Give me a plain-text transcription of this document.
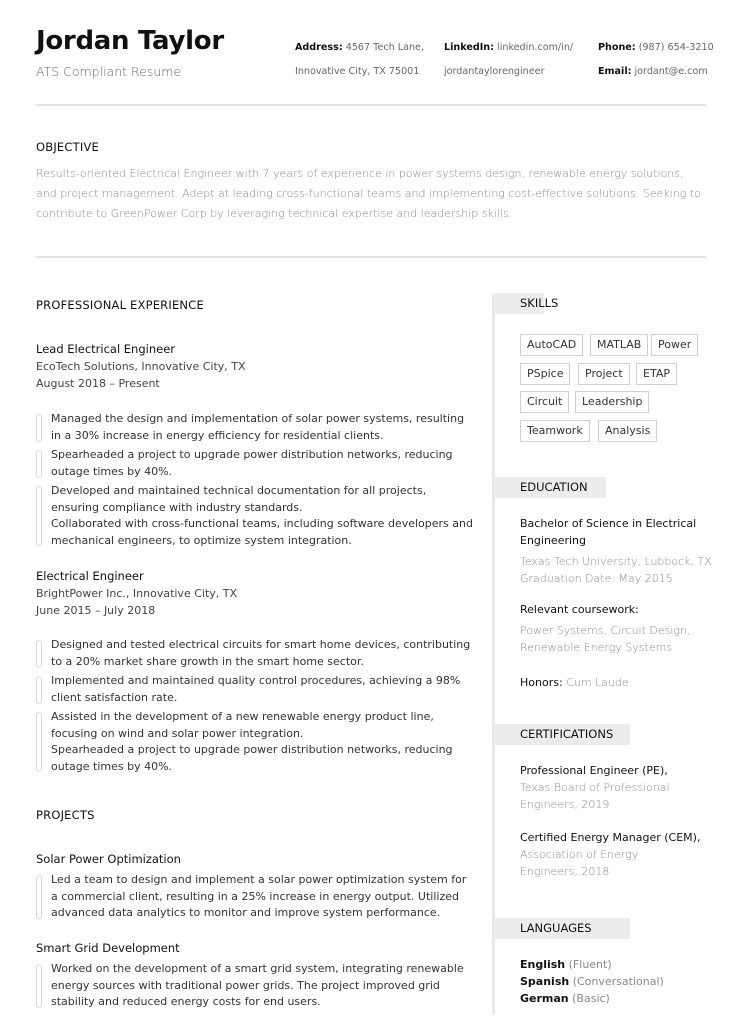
Jordan Taylor
ATS Compliant Resume
Address: 4567 Tech Lane,
Innovative City, TX 75001
LinkedIn: linkedin.com/in/
jordantaylorengineer
Phone: (987) 654-3210
Email: jordant@e.com
OBJECTIVE
Results-oriented Electrical Engineer with 7 years of experience in power systems design, renewable energy solutions, and project management. Adept at leading cross-functional teams and implementing cost-effective solutions. Seeking to contribute to GreenPower Corp by leveraging technical expertise and leadership skills.
PROFESSIONAL EXPERIENCE
Lead Electrical Engineer
EcoTech Solutions, Innovative City, TX
August 2018 – Present
Managed the design and implementation of solar power systems, resulting in a 30% increase in energy efficiency for residential clients.
Spearheaded a project to upgrade power distribution networks, reducing outage times by 40%.
Developed and maintained technical documentation for all projects, ensuring compliance with industry standards.
Collaborated with cross-functional teams, including software developers and mechanical engineers, to optimize system integration.
Electrical Engineer
BrightPower Inc., Innovative City, TX
June 2015 – July 2018
Designed and tested electrical circuits for smart home devices, contributing to a 20% market share growth in the smart home sector.
Implemented and maintained quality control procedures, achieving a 98% client satisfaction rate.
Assisted in the development of a new renewable energy product line, focusing on wind and solar power integration.
Spearheaded a project to upgrade power distribution networks, reducing outage times by 40%.
PROJECTS
Solar Power Optimization
Led a team to design and implement a solar power optimization system for a commercial client, resulting in a 25% increase in energy output. Utilized advanced data analytics to monitor and improve system performance.
Smart Grid Development
Worked on the development of a smart grid system, integrating renewable energy sources with traditional power grids. The project improved grid stability and reduced energy costs for end users.
SKILLS
AutoCAD	MATLAB	Power
PSpice	Project	ETAP
Circuit	Leadership
Teamwork	Analysis
EDUCATION
Bachelor of Science in Electrical Engineering
Texas Tech University, Lubbock, TX
Graduation Date: May 2015
Relevant coursework:
Power Systems, Circuit Design, Renewable Energy Systems
Honors: Cum Laude
CERTIFICATIONS
Professional Engineer (PE),
Texas Board of Professional Engineers, 2019
Certified Energy Manager (CEM),
Association of Energy Engineers, 2018
LANGUAGES
English (Fluent)
Spanish (Conversational)
German (Basic)
